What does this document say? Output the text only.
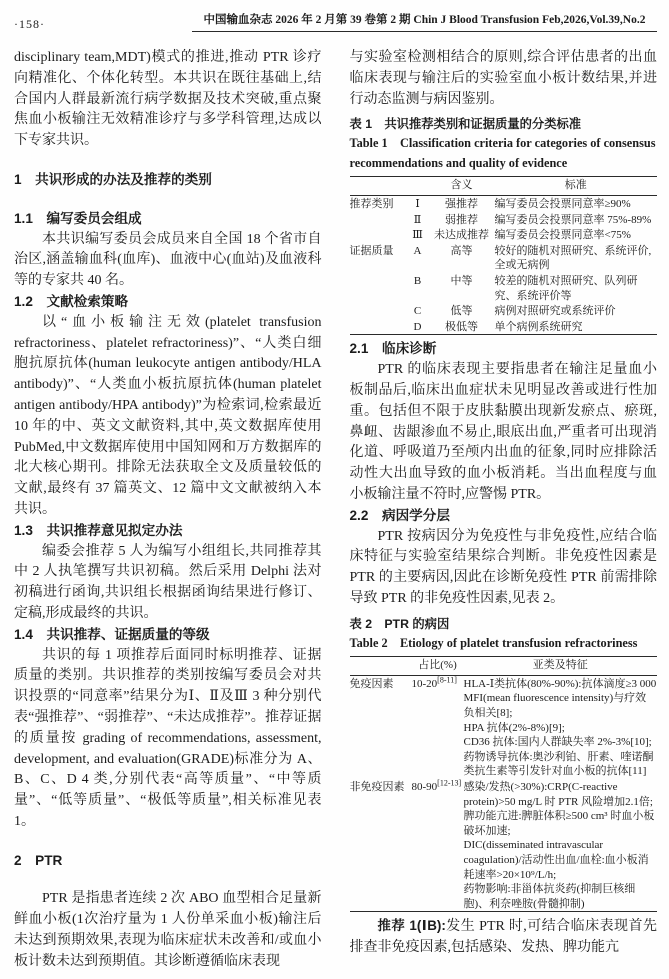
·158·	中国输血杂志 2026 年 2 月第 39 卷第 2 期 Chin J Blood Transfusion Feb,2026,Vol.39,No.2

disciplinary team,MDT)模式的推进,推动 PTR 诊疗向精准化、个体化转型。本共识在既往基础上,结合国内人群最新流行病学数据及技术突破,重点聚焦血小板输注无效精准诊疗与多学科管理,达成以下专家共识。

1　共识形成的办法及推荐的类别
1.1　编写委员会组成

本共识编写委员会成员来自全国 18 个省市自治区,涵盖输血科(血库)、血液中心(血站)及血液科等的专家共 40 名。

1.2　文献检索策略

以“血小板输注无效(platelet transfusion refractoriness、platelet refractoriness)”、“人类白细胞抗原抗体(human leukocyte antigen antibody/HLA antibody)”、“人类血小板抗原抗体(human platelet antigen antibody/HPA antibody)”为检索词,检索最近 10 年的中、英文文献资料,其中,英文数据库使用 PubMed,中文数据库使用中国知网和万方数据库的北大核心期刊。排除无法获取全文及质量较低的文献,最终有 37 篇英文、12 篇中文文献被纳入本共识。

1.3　共识推荐意见拟定办法

编委会推荐 5 人为编写小组组长,共同推荐其中 2 人执笔撰写共识初稿。然后采用 Delphi 法对初稿进行函询,共识组长根据函询结果进行修订、定稿,形成最终的共识。

1.4　共识推荐、证据质量的等级

共识的每 1 项推荐后面同时标明推荐、证据质量的类别。共识推荐的类别按编写委员会对共识投票的“同意率”结果分为Ⅰ、Ⅱ及Ⅲ 3 种分别代表“强推荐”、“弱推荐”、“未达成推荐”。推荐证据的质量按 grading of recommendations, assessment, development, and evaluation(GRADE)标准分为 A、B、C、D 4 类,分别代表“高等质量”、“中等质量”、“低等质量”、“极低等质量”,相关标准见表 1。

2　PTR

PTR 是指患者连续 2 次 ABO 血型相合足量新鲜血小板(1次治疗量为 1 人份单采血小板)输注后未达到预期效果,表现为临床症状未改善和/或血小板计数未达到预期值。其诊断遵循临床表现

与实验室检测相结合的原则,综合评估患者的出血临床表现与输注后的实验室血小板计数结果,并进行动态监测与病因鉴别。

表 1　共识推荐类别和证据质量的分类标准
Table 1　Classification criteria for categories of consensus recommendations and quality of evidence
		含义	标准
推荐类别	Ⅰ	强推荐	编写委员会投票同意率≥90%
	Ⅱ	弱推荐	编写委员会投票同意率 75%-89%
	Ⅲ	未达成推荐	编写委员会投票同意率<75%
证据质量	A	高等	较好的随机对照研究、系统评价,全或无病例
	B	中等	较差的随机对照研究、队列研究、系统评价等
	C	低等	病例对照研究或系统评价
	D	极低等	单个病例系统研究
2.1　临床诊断

PTR 的临床表现主要指患者在输注足量血小板制品后,临床出血症状未见明显改善或进行性加重。包括但不限于皮肤黏膜出现新发瘀点、瘀斑,鼻衄、齿龈渗血不易止,眼底出血,严重者可出现消化道、呼吸道乃至颅内出血的征象,同时应排除活动性大出血导致的血小板消耗。当出血程度与血小板输注量不符时,应警惕 PTR。

2.2　病因学分层

PTR 按病因分为免疫性与非免疫性,应结合临床特征与实验室结果综合判断。非免疫性因素是 PTR 的主要病因,因此在诊断免疫性 PTR 前需排除导致 PTR 的非免疫性因素,见表 2。

表 2　PTR 的病因
Table 2　Etiology of platelet transfusion refractoriness
	占比(%)	亚类及特征
免疫因素	10-20[8-11]	HLA-Ⅰ类抗体(80%-90%):抗体滴度≥3 000 MFI(mean fluorescence intensity)与疗效负相关[8];
HPA 抗体(2%-8%)[9];
CD36 抗体:国内人群缺失率 2%-3%[10];
药物诱导抗体:奥沙利铂、肝素、喹诺酮类抗生素等引发针对血小板的抗体[11]
非免疫因素	80-90[12-13]	感染/发热(>30%):CRP(C-reactive protein)>50 mg/L 时 PTR 风险增加2.1倍;
脾功能亢进:脾脏体积≥500 cm³ 时血小板破坏加速;
DIC(disseminated intravascular coagulation)/活动性出血/血栓:血小板消耗速率>20×10⁹/L/h;
药物影响:非甾体抗炎药(抑制巨核细胞)、利奈唑胺(骨髓抑制)

推荐 1(ⅠB):发生 PTR 时,可结合临床表现首先排查非免疫因素,包括感染、发热、脾功能亢
